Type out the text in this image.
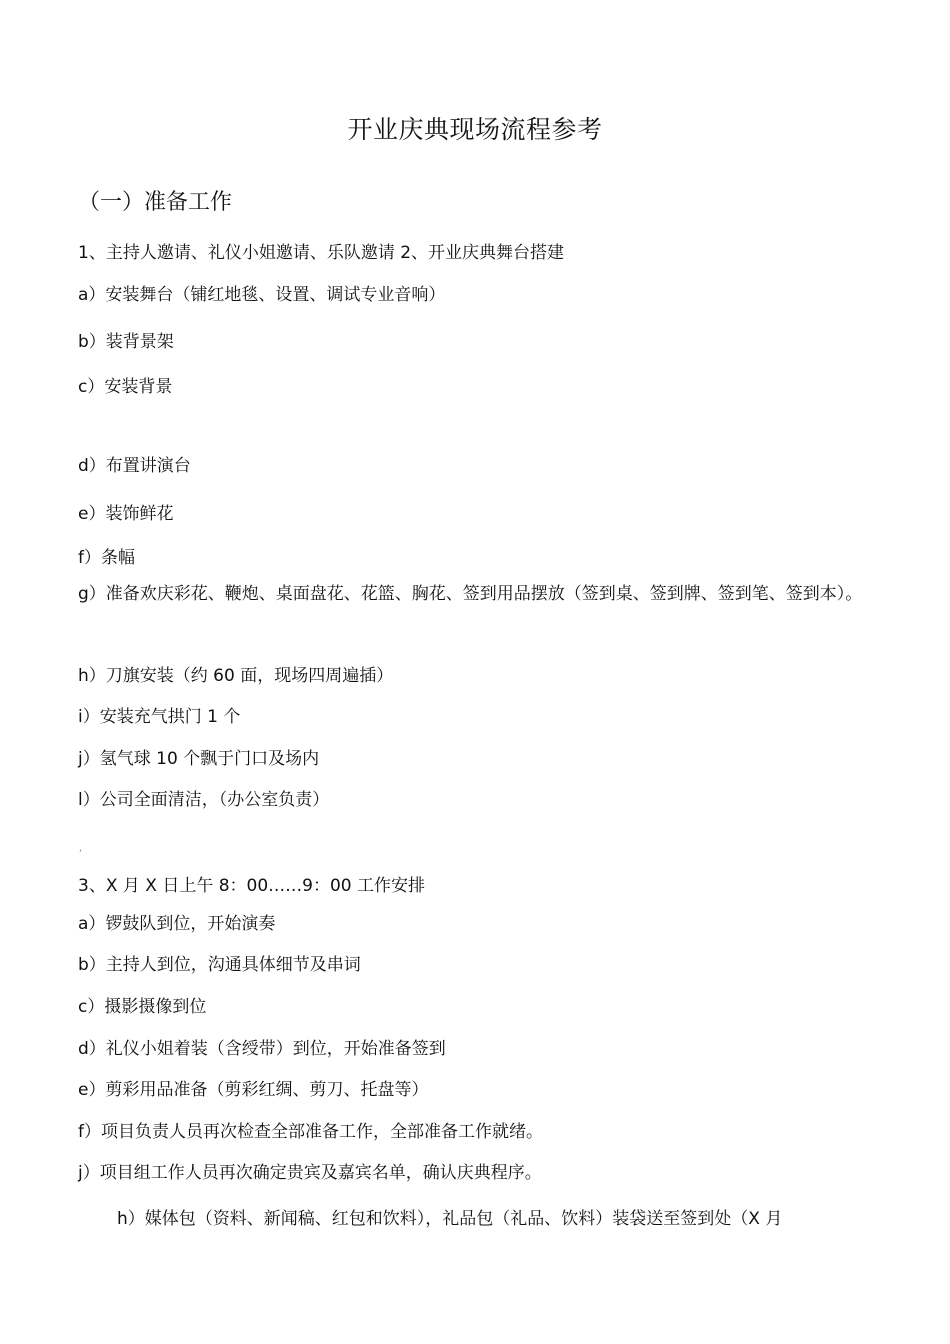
开业庆典现场流程参考
（一）准备工作
1、主持人邀请、礼仪小姐邀请、乐队邀请 2、开业庆典舞台搭建
a）安装舞台（铺红地毯、设置、调试专业音响）
b）装背景架
c）安装背景
d）布置讲演台
e）装饰鲜花
f）条幅
g）准备欢庆彩花、鞭炮、桌面盘花、花篮、胸花、签到用品摆放（签到桌、签到牌、签到笔、签到本）。
h）刀旗安装（约 60 面，现场四周遍插）
i）安装充气拱门 1 个
j）氢气球 10 个飘于门口及场内
l）公司全面清洁，（办公室负责）
‘
3、X 月 X 日上午 8：00……9：00 工作安排
a）锣鼓队到位，开始演奏
b）主持人到位，沟通具体细节及串词
c）摄影摄像到位
d）礼仪小姐着装（含绶带）到位，开始准备签到
e）剪彩用品准备（剪彩红绸、剪刀、托盘等）
f）项目负责人员再次检查全部准备工作，全部准备工作就绪。
j）项目组工作人员再次确定贵宾及嘉宾名单，确认庆典程序。
h）媒体包（资料、新闻稿、红包和饮料），礼品包（礼品、饮料）装袋送至签到处（X 月
